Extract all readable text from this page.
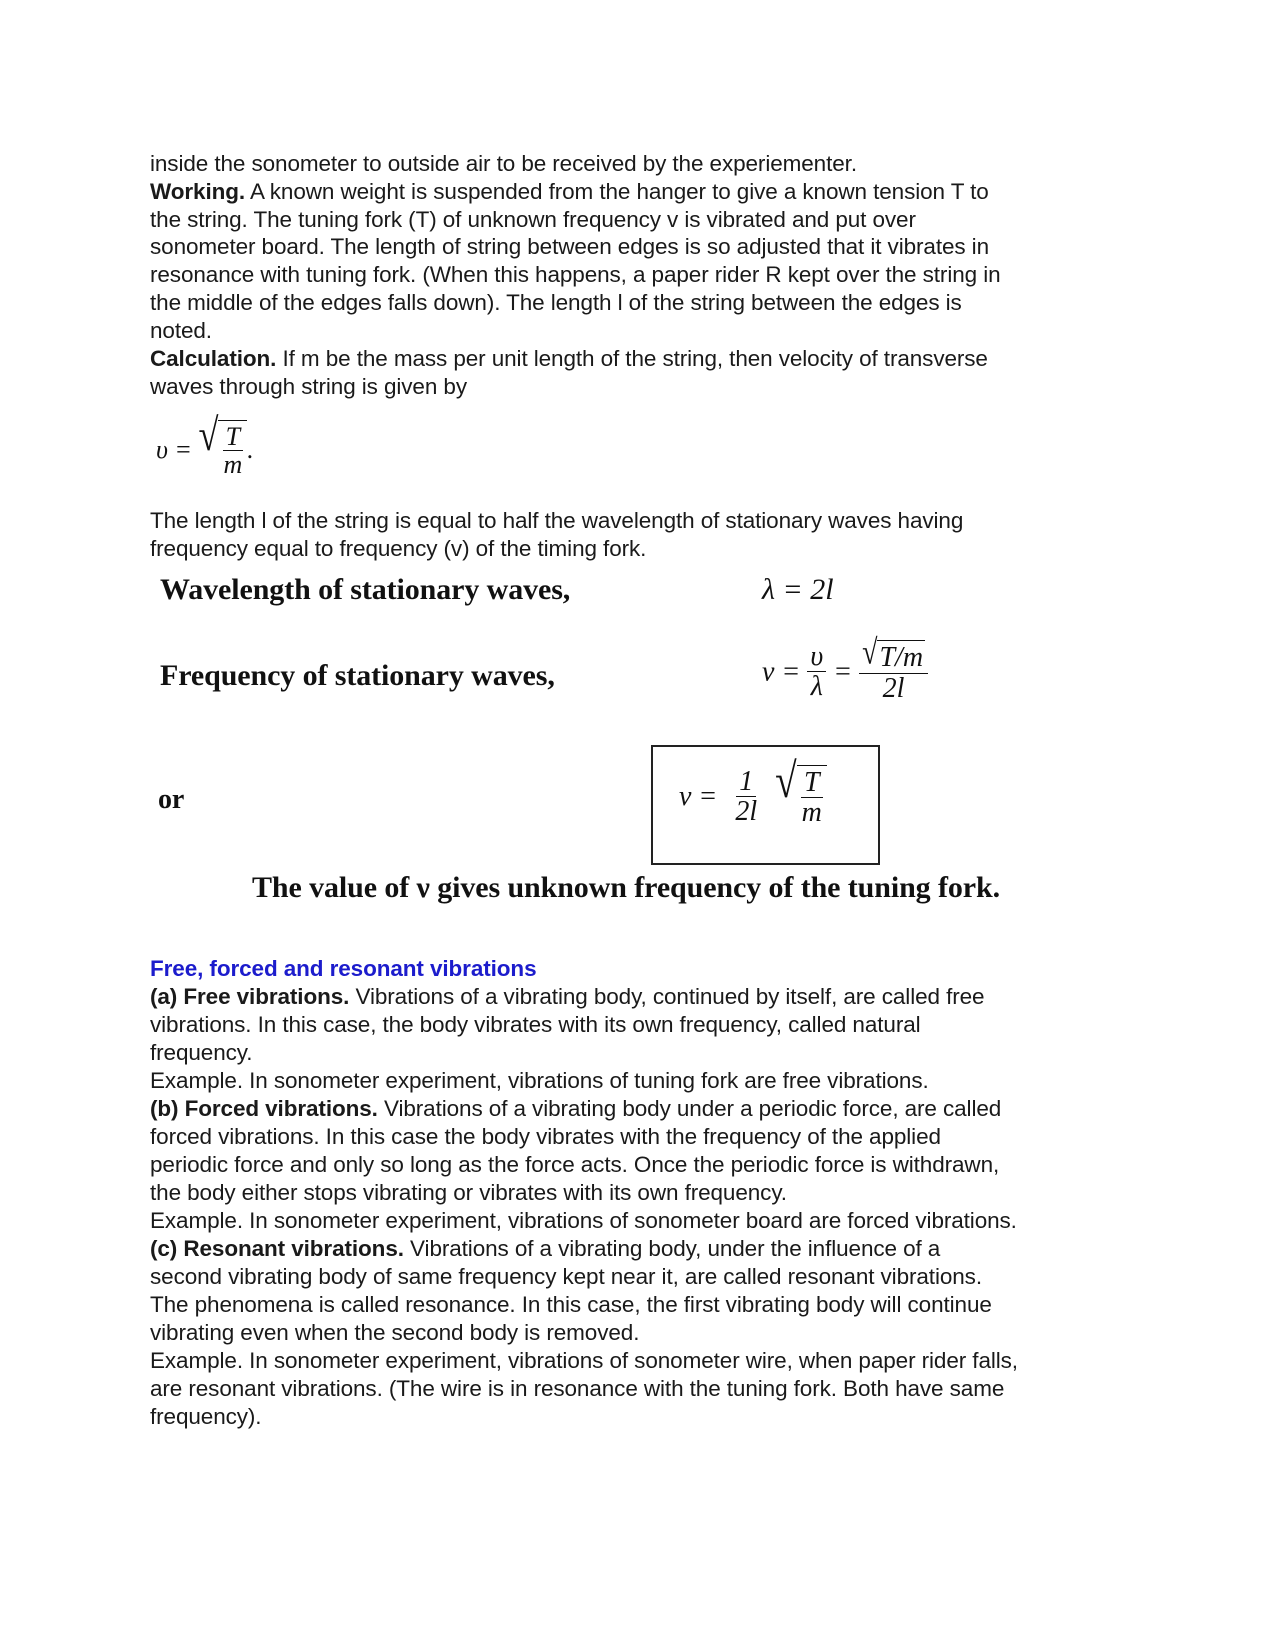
inside the sonometer to outside air to be received by the experiementer.
Working. A known weight is suspended from the hanger to give a known tension T to
the string. The tuning fork (T) of unknown frequency v is vibrated and put over
sonometer board. The length of string between edges is so adjusted that it vibrates in
resonance with tuning fork. (When this happens, a paper rider R kept over the string in
the middle of the edges falls down). The length l of the string between the edges is
noted.
Calculation. If m be the mass per unit length of the string, then velocity of transverse
waves through string is given by
υ = √ $\frac{T}{m}$ .
The length l of the string is equal to half the wavelength of stationary waves having
frequency equal to frequency (v) of the timing fork.
Wavelength of stationary waves,	λ = 2l
Frequency of stationary waves,	$\nu = \frac{\upsilon}{\lambda} = \frac{√ T/m}{2l}$
or	$\nu = \frac{1}{2l}$
√ $\frac{T}{m}$
The value of ν gives unknown frequency of the tuning fork.
Free, forced and resonant vibrations
(a) Free vibrations. Vibrations of a vibrating body, continued by itself, are called free
vibrations. In this case, the body vibrates with its own frequency, called natural
frequency.
Example. In sonometer experiment, vibrations of tuning fork are free vibrations.
(b) Forced vibrations. Vibrations of a vibrating body under a periodic force, are called
forced vibrations. In this case the body vibrates with the frequency of the applied
periodic force and only so long as the force acts. Once the periodic force is withdrawn,
the body either stops vibrating or vibrates with its own frequency.
Example. In sonometer experiment, vibrations of sonometer board are forced vibrations.
(c) Resonant vibrations. Vibrations of a vibrating body, under the influence of a
second vibrating body of same frequency kept near it, are called resonant vibrations.
The phenomena is called resonance. In this case, the first vibrating body will continue
vibrating even when the second body is removed.
Example. In sonometer experiment, vibrations of sonometer wire, when paper rider falls,
are resonant vibrations. (The wire is in resonance with the tuning fork. Both have same
frequency).
